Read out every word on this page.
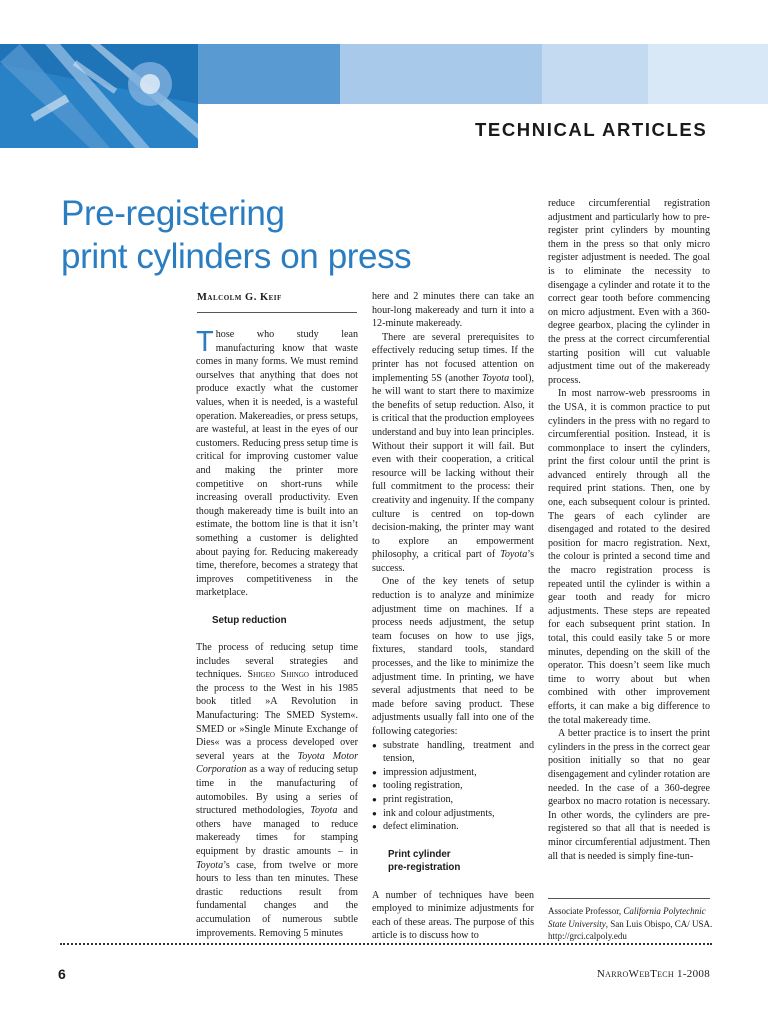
TECHNICAL ARTICLES
Pre-registering
print cylinders on press

Malcolm G. Keif

Those who study lean manufacturing know that waste comes in many forms. We must remind ourselves that anything that does not produce exactly what the customer values, when it is needed, is a wasteful operation. Makereadies, or press setups, are wasteful, at least in the eyes of our customers. Reducing press setup time is critical for improving customer value and making the printer more competitive on short-runs while increasing overall productivity. Even though makeready time is built into an estimate, the bottom line is that it isn’t something a customer is delighted about paying for. Reducing makeready time, therefore, becomes a strategy that improves competitiveness in the marketplace.

Setup reduction

The process of reducing setup time includes several strategies and techniques. Shigeo Shingo introduced the process to the West in his 1985 book titled »A Revolution in Manufacturing: The SMED System«. SMED or »Single Minute Exchange of Dies« was a process developed over several years at the Toyota Motor Corporation as a way of reducing setup time in the manufacturing of automobiles. By using a series of structured methodologies, Toyota and others have managed to reduce makeready times for stamping equipment by drastic amounts – in Toyota’s case, from twelve or more hours to less than ten minutes. These drastic reductions result from fundamental changes and the accumulation of numerous subtle improvements. Removing 5 minutes

here and 2 minutes there can take an hour-long makeready and turn it into a 12-minute makeready.

There are several prerequisites to effectively reducing setup times. If the printer has not focused attention on implementing 5S (another Toyota tool), he will want to start there to maximize the benefits of setup reduction. Also, it is critical that the production employees understand and buy into lean principles. Without their support it will fail. But even with their cooperation, a critical resource will be lacking without their full commitment to the process: their creativity and ingenuity. If the company culture is centred on top-down decision-making, the printer may want to explore an empowerment philosophy, a critical part of Toyota’s success.

One of the key tenets of setup reduction is to analyze and minimize adjustment time on machines. If a process needs adjustment, the setup team focuses on how to use jigs, fixtures, standard tools, standard processes, and the like to minimize the adjustment time. In printing, we have several adjustments that need to be made before saving product. These adjustments usually fall into one of the following categories:

● substrate handling, treatment and tension,
● impression adjustment,
● tooling registration,
● print registration,
● ink and colour adjustments,
● defect elimination.
Print cylinder
pre-registration

A number of techniques have been employed to minimize adjustments for each of these areas. The purpose of this article is to discuss how to

reduce circumferential registration adjustment and particularly how to pre-register print cylinders by mounting them in the press so that only micro register adjustment is needed. The goal is to eliminate the necessity to disengage a cylinder and rotate it to the correct gear tooth before commencing on micro adjustment. Even with a 360-degree gearbox, placing the cylinder in the press at the correct circumferential starting position will cut valuable adjustment time out of the makeready process.

In most narrow-web pressrooms in the USA, it is common practice to put cylinders in the press with no regard to circumferential position. Instead, it is commonplace to insert the cylinders, print the first colour until the print is advanced entirely through all the required print stations. Then, one by one, each subsequent colour is printed. The gears of each cylinder are disengaged and rotated to the desired position for macro registration. Next, the colour is printed a second time and the macro registration process is repeated until the cylinder is within a gear tooth and ready for micro adjustments. These steps are repeated for each subsequent print station. In total, this could easily take 5 or more minutes, depending on the skill of the operator. This doesn’t seem like much time to worry about but when combined with other improvement efforts, it can make a big difference to the total makeready time.

A better practice is to insert the print cylinders in the press in the correct gear position initially so that no gear disengagement and cylinder rotation are needed. In the case of a 360-degree gearbox no macro rotation is necessary. In other words, the cylinders are pre-registered so that all that is needed is minor circumferential adjustment. Then all that is needed is simply fine-tun-

Associate Professor, California Polytechnic State University, San Luis Obispo, CA/ USA. http://grci.calpoly.edu

6	NarroWebTech 1-2008
